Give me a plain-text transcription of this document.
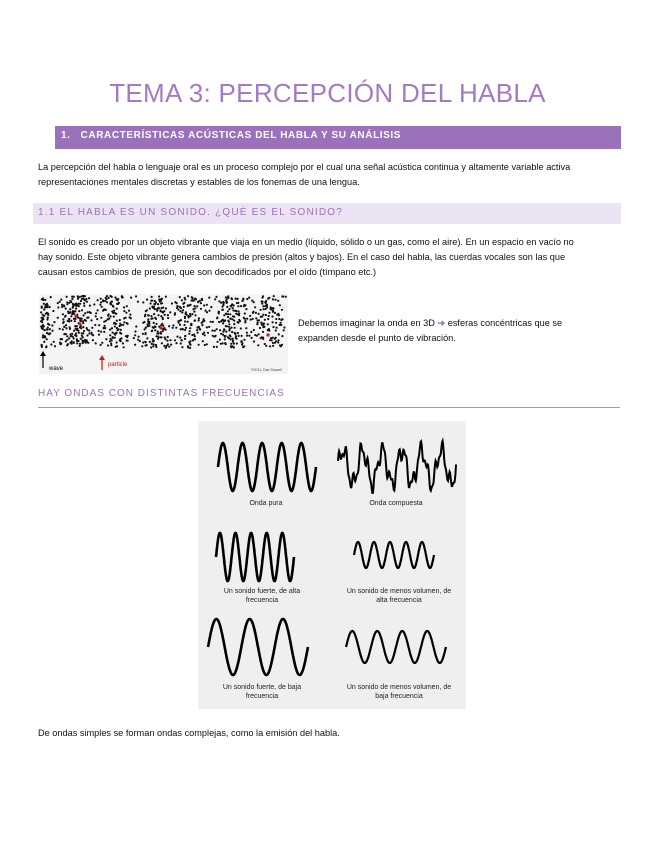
TEMA 3: PERCEPCIÓN DEL HABLA
1. CARACTERÍSTICAS ACÚSTICAS DEL HABLA Y SU ANÁLISIS
La percepción del habla o lenguaje oral es un proceso complejo por el cual una señal acústica continua y altamente variable activa
representaciones mentales discretas y estables de los fonemas de una lengua.
1.1 EL HABLA ES UN SONIDO. ¿QUÉ ES EL SONIDO?
El sonido es creado por un objeto vibrante que viaja en un medio (líquido, sólido o un gas, como el aire). En un espacio en vacío no
hay sonido. Este objeto vibrante genera cambios de presión (altos y bajos). En el caso del habla, las cuerdas vocales son las que
causan estos cambios de presión, que son decodificados por el oído (tímpano etc.)
wave
particle
©2011, Dan Russell
Debemos imaginar la onda en 3D ➔ esferas concéntricas que se
expanden desde el punto de vibración.
HAY ONDAS CON DISTINTAS FRECUENCIAS
Onda pura	Onda compuesta
Un sonido fuerte, de alta
frecuencia
Un sonido de menos volumen, de
alta frecuencia
Un sonido fuerte, de baja
frecuencia
Un sonido de menos volumen, de
baja frecuencia
De ondas simples se forman ondas complejas, como la emisión del habla.
